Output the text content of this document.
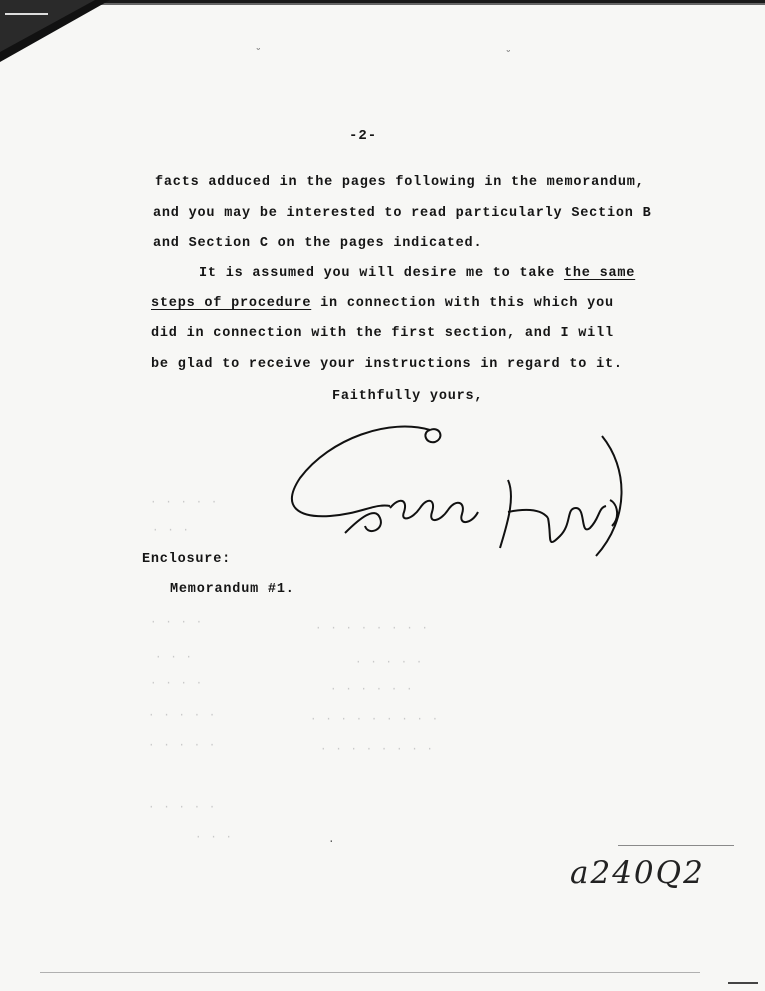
˘	˘
-2-
facts adduced in the pages following in the memorandum,
and you may be interested to read particularly Section B
and Section C on the pages indicated.
It is assumed you will desire me to take the same
steps of procedure in connection with this which you
did in connection with the first section, and I will
be glad to receive your instructions in regard to it.
Faithfully yours,
Enclosure:
Memorandum #1.
· · · · ·
· · ·
· · · ·	· · · · · · · ·
· · ·	· · · · ·
· · · ·	· · · · · ·
· · · · ·	· · · · · · · · ·
· · · · ·	· · · · · · · ·
· · · · ·
· · ·	.
a240Q2
